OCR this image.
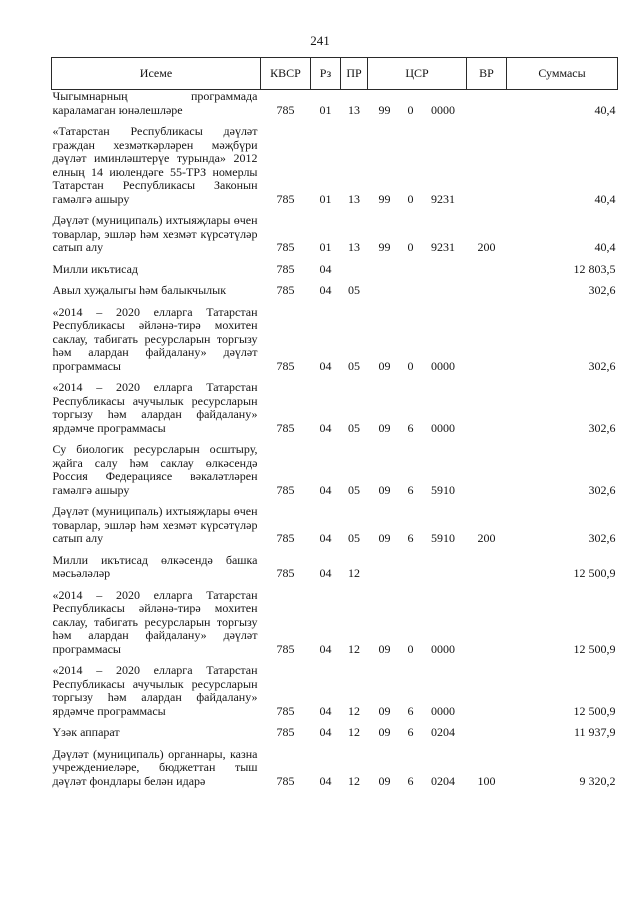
241
Исеме	КВСР	Рз	ПР	ЦСР			ВР	Суммасы
Чыгымнарның программада караламаган юнәлешләре	785	01	13	99	0	0000		40,4

«Татарстан Республикасы дәүләт граждан хезмәткәрләрен мәҗбүри дәүләт иминләштерүе турында» 2012 елның 14 июлендәге 55-ТРЗ номерлы Татарстан Республикасы Законын гамәлгә ашыру	785	01	13	99	0	9231		40,4

Дәүләт (муниципаль) ихтыяҗлары өчен товарлар, эшләр һәм хезмәт күрсәтүләр сатып алу	785	01	13	99	0	9231	200	40,4

Милли икътисад	785	04						12 803,5

Авыл хуҗалыгы һәм балыкчылык	785	04	05					302,6

«2014 – 2020 елларга Татарстан Республикасы әйләнә-тирә мохитен саклау, табигать ресурсларын торгызу һәм алардан файдалану» дәүләт программасы	785	04	05	09	0	0000		302,6

«2014 – 2020 елларга Татарстан Республикасы ачучылык ресурсларын торгызу һәм алардан файдалану» ярдәмче программасы	785	04	05	09	6	0000		302,6

Су биологик ресурсларын осштыру, җайга салу һәм саклау өлкәсендә Россия Федерациясе вәкаләтләрен гамәлгә ашыру	785	04	05	09	6	5910		302,6

Дәүләт (муниципаль) ихтыяҗлары өчен товарлар, эшләр һәм хезмәт күрсәтүләр сатып алу	785	04	05	09	6	5910	200	302,6

Милли икътисад өлкәсендә башка мәсьәләләр	785	04	12					12 500,9

«2014 – 2020 елларга Татарстан Республикасы әйләнә-тирә мохитен саклау, табигать ресурсларын торгызу һәм алардан файдалану» дәүләт программасы	785	04	12	09	0	0000		12 500,9

«2014 – 2020 елларга Татарстан Республикасы ачучылык ресурсларын торгызу һәм алардан файдалану» ярдәмче программасы	785	04	12	09	6	0000		12 500,9

Үзәк аппарат	785	04	12	09	6	0204		11 937,9

Дәүләт (муниципаль) органнары, казна учреждениеләре, бюджеттан тыш дәүләт фондлары белән идарә	785	04	12	09	6	0204	100	9 320,2
